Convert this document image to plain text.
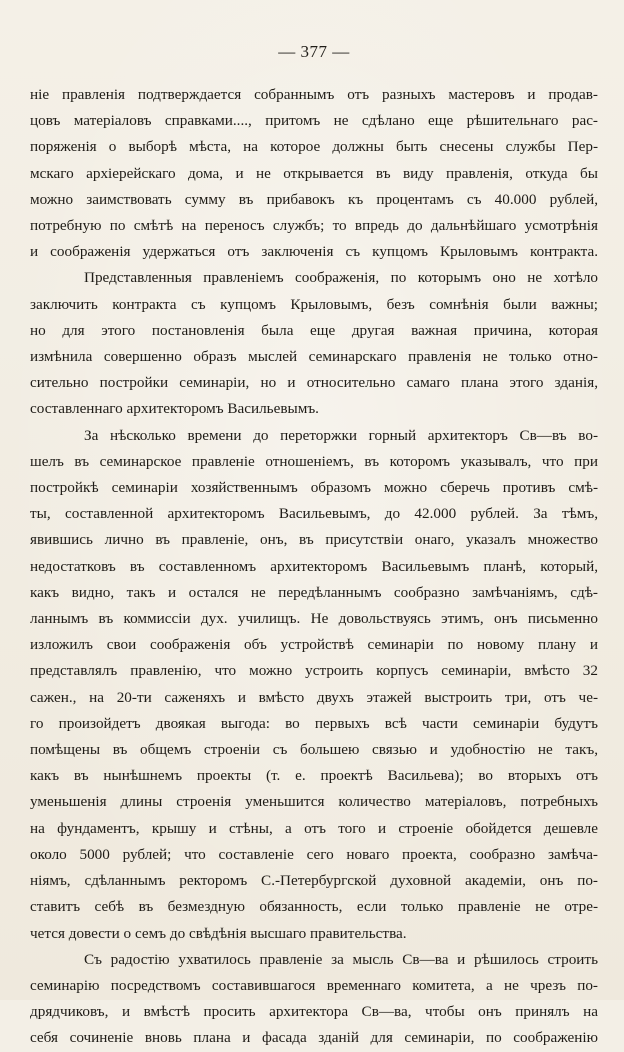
— 377 —

ніе правленія подтверждается собраннымъ отъ разныхъ мастеровъ и продав-
цовъ матеріаловъ справками...., притомъ не сдѣлано еще рѣшительнаго рас-
поряженія о выборѣ мѣста, на которое должны быть снесены службы Пер-
мскаго архіерейскаго дома, и не открывается въ виду правленія, откуда бы
можно заимствовать сумму въ прибавокъ къ процентамъ съ 40.000 рублей,
потребную по смѣтѣ на переносъ службъ; то впредь до дальнѣйшаго усмотрѣнія
и соображенія удержаться отъ заключенія съ купцомъ Крыловымъ контракта.

Представленныя правленіемъ соображенія, по которымъ оно не хотѣло
заключить контракта съ купцомъ Крыловымъ, безъ сомнѣнія были важны;
но для этого постановленія была еще другая важная причина, которая
измѣнила совершенно образъ мыслей семинарскаго правленія не только отно-
сительно постройки семинаріи, но и относительно самаго плана этого зданія,
составленнаго архитекторомъ Васильевымъ.

За нѣсколько времени до переторжки горный архитекторъ Св—въ во-
шелъ въ семинарское правленіе отношеніемъ, въ которомъ указывалъ, что при
постройкѣ семинаріи хозяйственнымъ образомъ можно сберечь противъ смѣ-
ты, составленной архитекторомъ Васильевымъ, до 42.000 рублей. За тѣмъ,
явившись лично въ правленіе, онъ, въ присутствіи онаго, указалъ множество
недостатковъ въ составленномъ архитекторомъ Васильевымъ планѣ, который,
какъ видно, такъ и остался не передѣланнымъ сообразно замѣчаніямъ, сдѣ-
ланнымъ въ коммиссіи дух. училищъ. Не довольствуясь этимъ, онъ письменно
изложилъ свои соображенія объ устройствѣ семинаріи по новому плану и
представлялъ правленію, что можно устроить корпусъ семинаріи, вмѣсто 32
сажен., на 20-ти саженяхъ и вмѣсто двухъ этажей выстроить три, отъ че-
го произойдетъ двоякая выгода: во первыхъ всѣ части семинаріи будутъ
помѣщены въ общемъ строеніи съ большею связью и удобностію не такъ,
какъ въ нынѣшнемъ проекты (т. е. проектѣ Васильева); во вторыхъ отъ
уменьшенія длины строенія уменьшится количество матеріаловъ, потребныхъ
на фундаментъ, крышу и стѣны, а отъ того и строеніе обойдется дешевле
около 5000 рублей; что составленіе сего новаго проекта, сообразно замѣча-
ніямъ, сдѣланнымъ ректоромъ С.-Петербургской духовной академіи, онъ по-
ставитъ себѣ въ безмездную обязанность, если только правленіе не отре-
чется довести о семъ до свѣдѣнія высшаго правительства.

Съ радостію ухватилось правленіе за мысль Св—ва и рѣшилось строить
семинарію посредствомъ составившагося временнаго комитета, а не чрезъ по-
дрядчиковъ, и вмѣстѣ просить архитектора Св—ва, чтобы онъ принялъ на
себя сочиненіе вновь плана и фасада зданій для семинаріи, по соображенію
